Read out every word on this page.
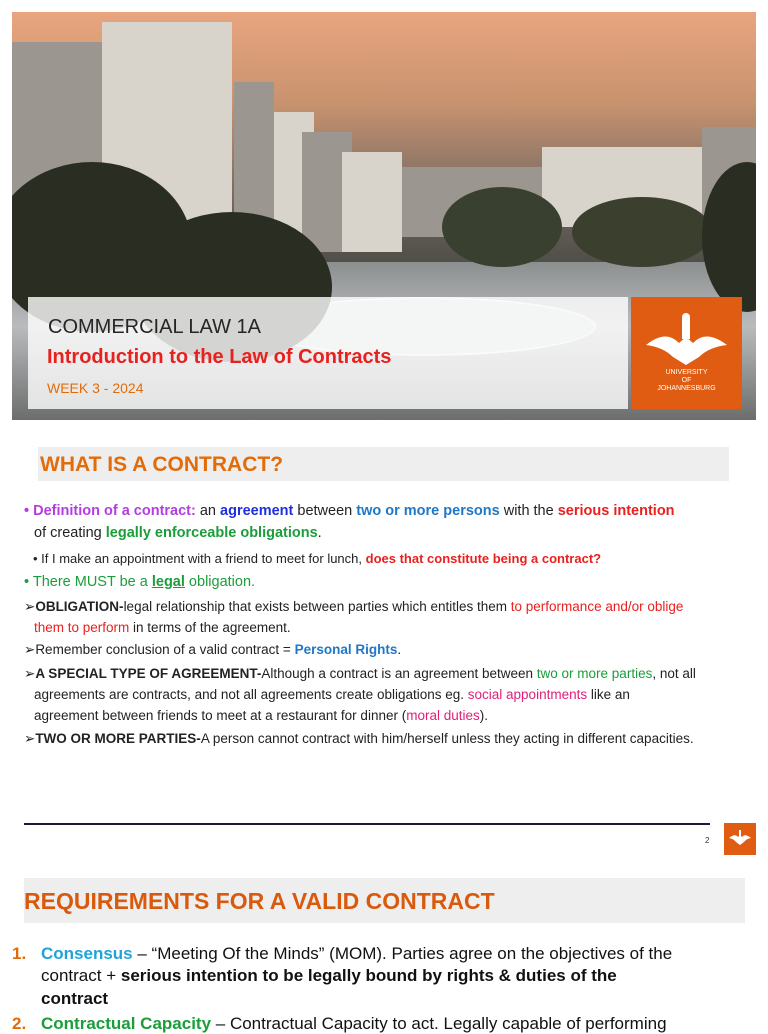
COMMERCIAL LAW 1A
Introduction to the Law of Contracts
WEEK 3 - 2024
UNIVERSITY
OF
JOHANNESBURG
WHAT IS A CONTRACT?
• Definition of a contract: an agreement between two or more persons with the serious intention
of creating legally enforceable obligations.
• If I make an appointment with a friend to meet for lunch, does that constitute being a contract?
• There MUST be a legal obligation.
➢OBLIGATION-legal relationship that exists between parties which entitles them to performance and/or oblige
them to perform in terms of the agreement.
➢Remember conclusion of a valid contract = Personal Rights.
➢A SPECIAL TYPE OF AGREEMENT-Although a contract is an agreement between two or more parties, not all
agreements are contracts, and not all agreements create obligations eg. social appointments like an
agreement between friends to meet at a restaurant for dinner (moral duties).
➢TWO OR MORE PARTIES-A person cannot contract with him/herself unless they acting in different capacities.
2
REQUIREMENTS FOR A VALID CONTRACT
1. Consensus – “Meeting Of the Minds” (MOM). Parties agree on the objectives of the
contract + serious intention to be legally bound by rights & duties of the
contract
2. Contractual Capacity – Contractual Capacity to act. Legally capable of performing
